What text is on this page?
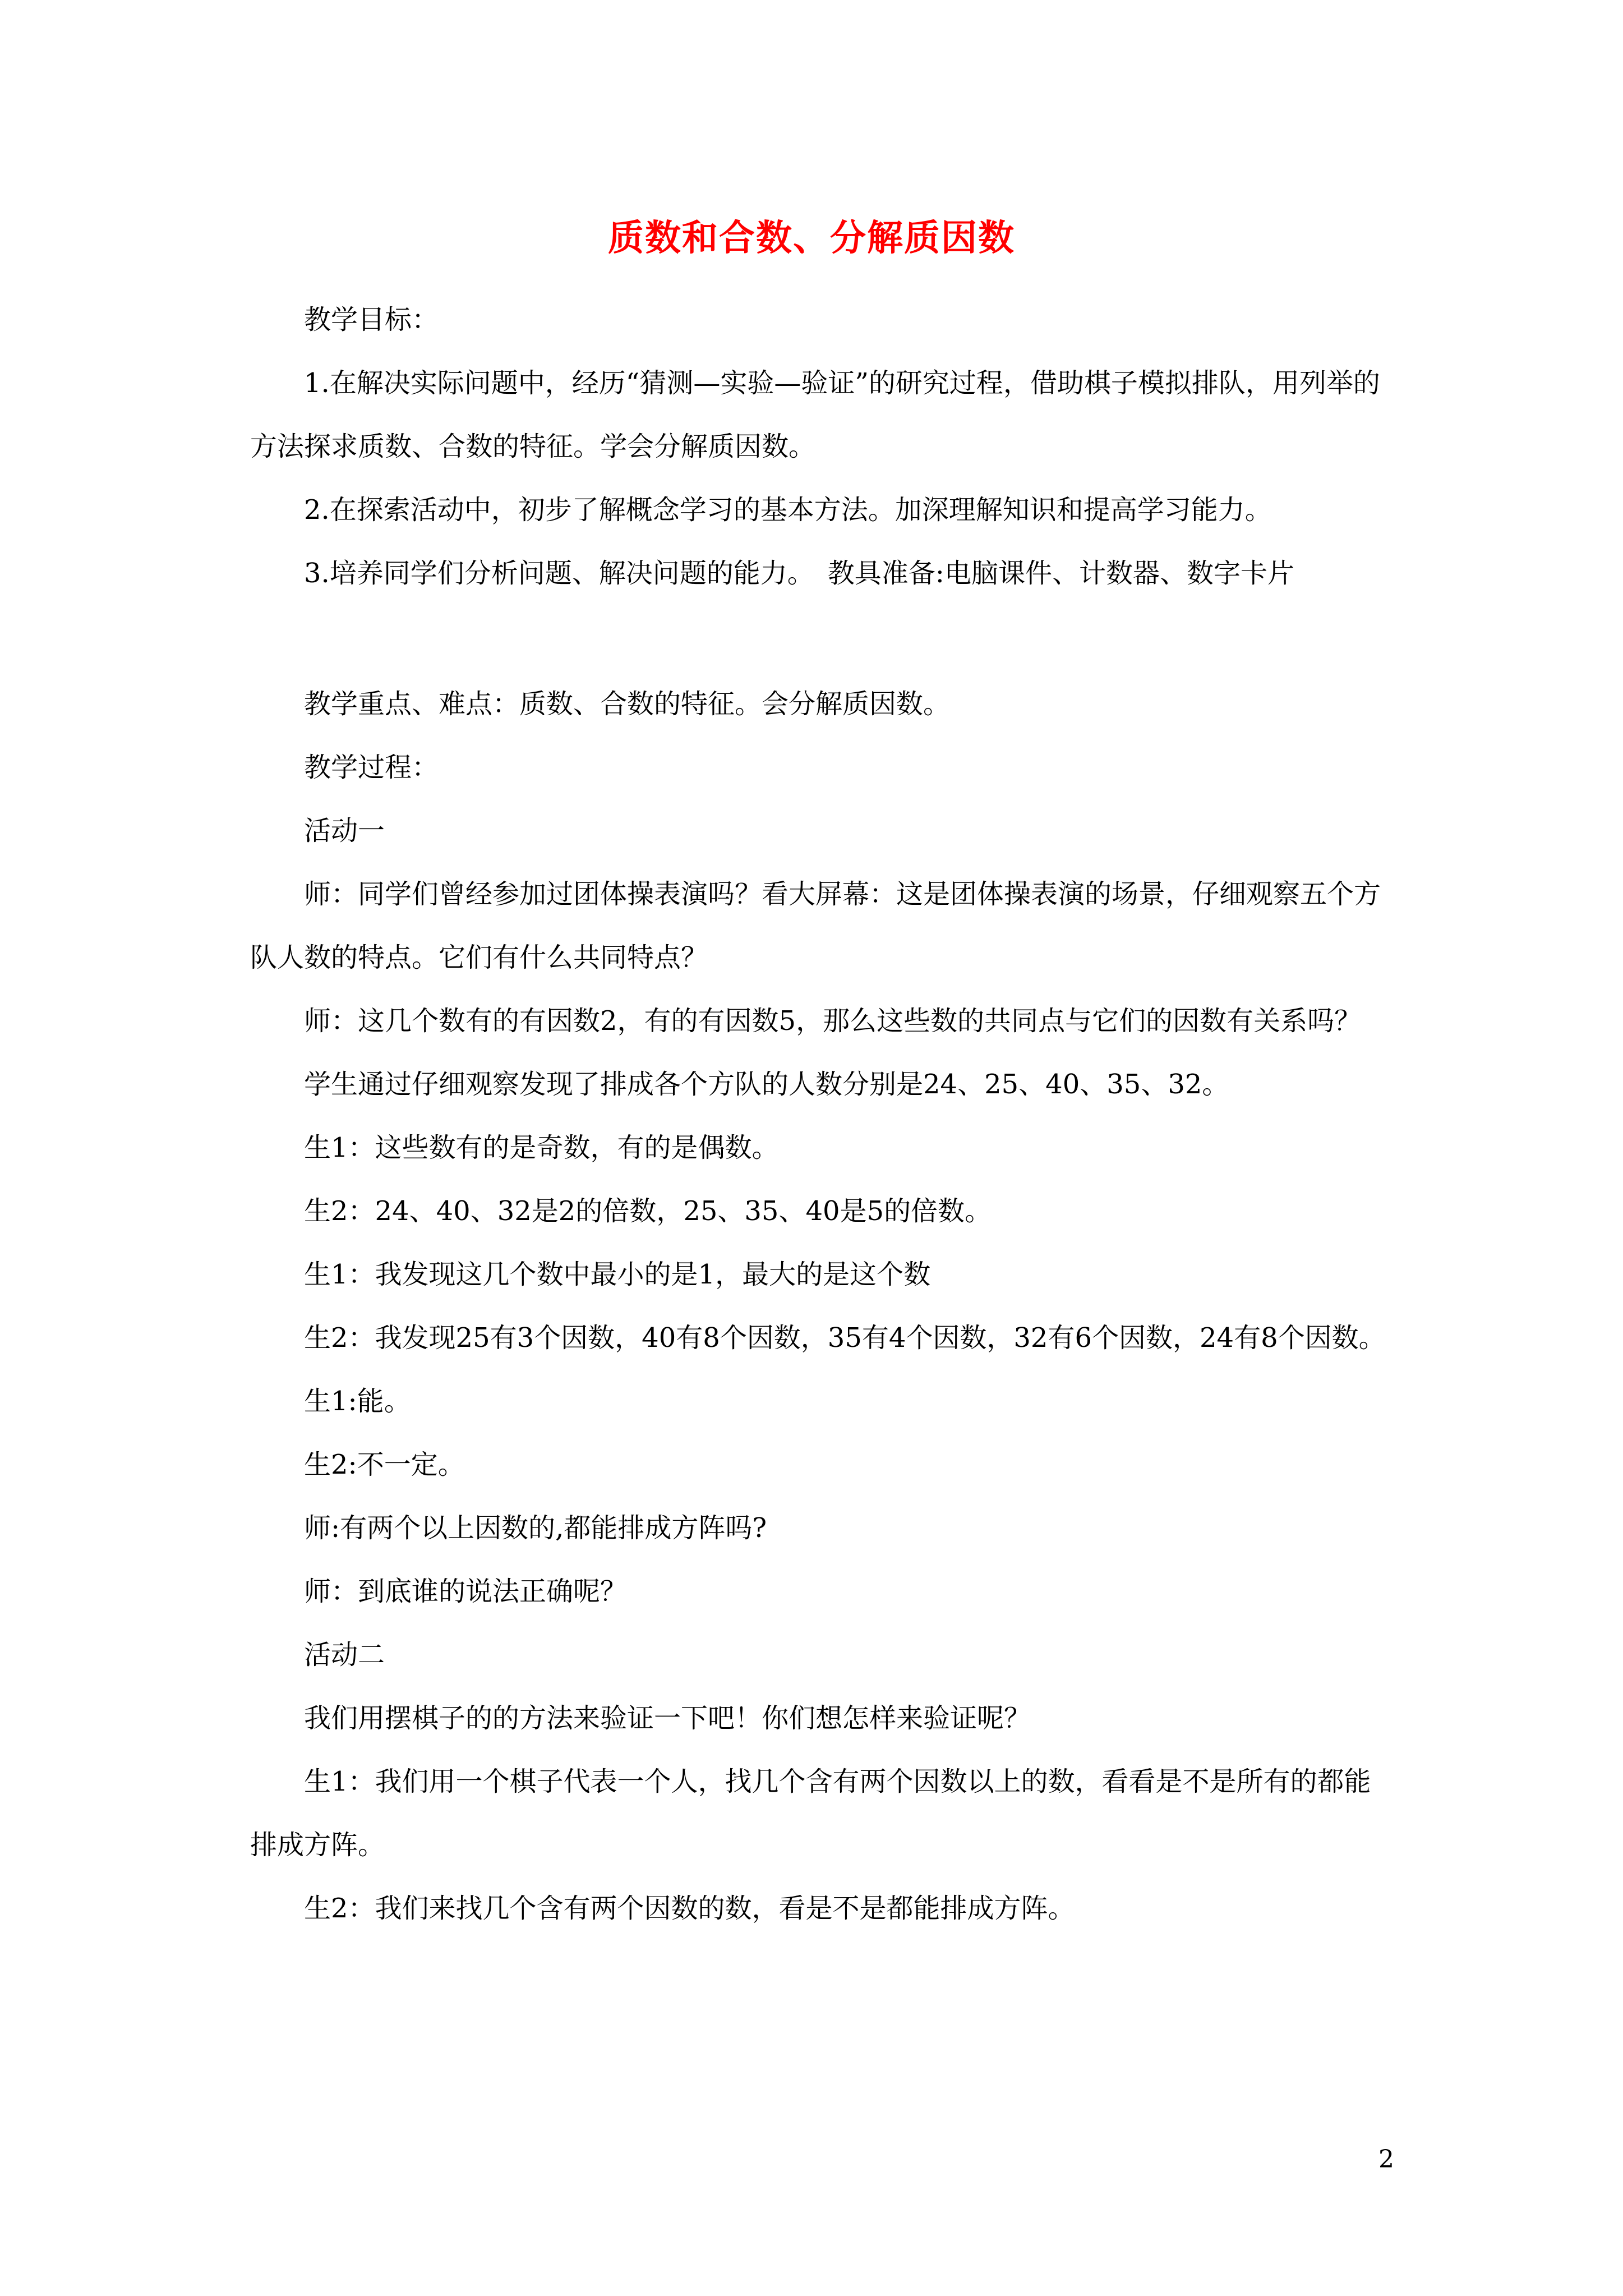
质数和合数、分解质因数

教学目标：

1.在解决实际问题中，经历“猜测—实验—验证”的研究过程，借助棋子模拟排队，用列举的方法探求质数、合数的特征。学会分解质因数。

2.在探索活动中，初步了解概念学习的基本方法。加深理解知识和提高学习能力。

3.培养同学们分析问题、解决问题的能力。　教具准备:电脑课件、计数器、数字卡片

教学重点、难点：质数、合数的特征。会分解质因数。

教学过程：

活动一

师：同学们曾经参加过团体操表演吗？看大屏幕：这是团体操表演的场景，仔细观察五个方队人数的特点。它们有什么共同特点？

师：这几个数有的有因数2，有的有因数5，那么这些数的共同点与它们的因数有关系吗？

学生通过仔细观察发现了排成各个方队的人数分别是24、25、40、35、32。

生1：这些数有的是奇数，有的是偶数。

生2：24、40、32是2的倍数，25、35、40是5的倍数。

生1：我发现这几个数中最小的是1，最大的是这个数

生2：我发现25有3个因数，40有8个因数，35有4个因数，32有6个因数，24有8个因数。

生1:能。

生2:不一定。

师:有两个以上因数的,都能排成方阵吗?

师：到底谁的说法正确呢？

活动二

我们用摆棋子的的方法来验证一下吧！你们想怎样来验证呢？

生1：我们用一个棋子代表一个人，找几个含有两个因数以上的数，看看是不是所有的都能排成方阵。

生2：我们来找几个含有两个因数的数，看是不是都能排成方阵。

2
